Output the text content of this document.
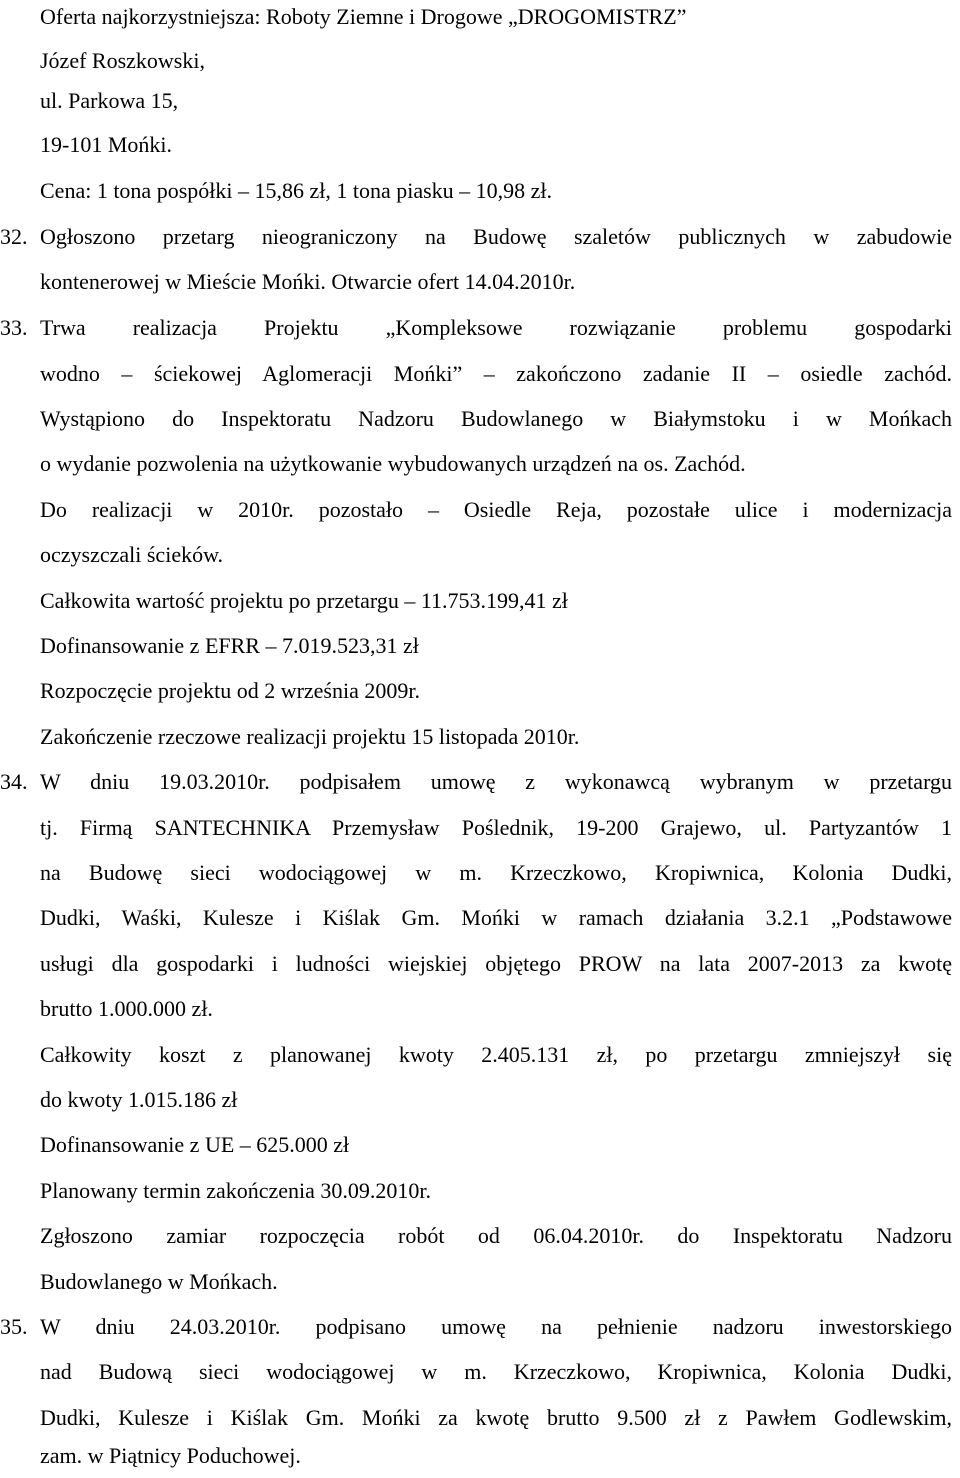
Oferta najkorzystniejsza: Roboty Ziemne i Drogowe „DROGOMISTRZ”
Józef Roszkowski,
ul. Parkowa 15,
19-101 Mońki.
Cena: 1 tona pospółki – 15,86 zł, 1 tona piasku – 10,98 zł.
32. Ogłoszono przetarg nieograniczony na Budowę szaletów publicznych w zabudowie
kontenerowej w Mieście Mońki. Otwarcie ofert 14.04.2010r.
33. Trwa realizacja Projektu „Kompleksowe rozwiązanie problemu gospodarki
wodno – ściekowej Aglomeracji Mońki” – zakończono zadanie II – osiedle zachód.
Wystąpiono do Inspektoratu Nadzoru Budowlanego w Białymstoku i w Mońkach
o wydanie pozwolenia na użytkowanie wybudowanych urządzeń na os. Zachód.
Do realizacji w 2010r. pozostało – Osiedle Reja, pozostałe ulice i modernizacja
oczyszczali ścieków.
Całkowita wartość projektu po przetargu – 11.753.199,41 zł
Dofinansowanie z EFRR – 7.019.523,31 zł
Rozpoczęcie projektu od 2 września 2009r.
Zakończenie rzeczowe realizacji projektu 15 listopada 2010r.
34. W dniu 19.03.2010r. podpisałem umowę z wykonawcą wybranym w przetargu
tj. Firmą SANTECHNIKA Przemysław Poślednik, 19-200 Grajewo, ul. Partyzantów 1
na Budowę sieci wodociągowej w m. Krzeczkowo, Kropiwnica, Kolonia Dudki,
Dudki, Waśki, Kulesze i Kiślak Gm. Mońki w ramach działania 3.2.1 „Podstawowe
usługi dla gospodarki i ludności wiejskiej objętego PROW na lata 2007-2013 za kwotę
brutto 1.000.000 zł.
Całkowity koszt z planowanej kwoty 2.405.131 zł, po przetargu zmniejszył się
do kwoty 1.015.186 zł
Dofinansowanie z UE – 625.000 zł
Planowany termin zakończenia 30.09.2010r.
Zgłoszono zamiar rozpoczęcia robót od 06.04.2010r. do Inspektoratu Nadzoru
Budowlanego w Mońkach.
35. W dniu 24.03.2010r. podpisano umowę na pełnienie nadzoru inwestorskiego
nad Budową sieci wodociągowej w m. Krzeczkowo, Kropiwnica, Kolonia Dudki,
Dudki, Kulesze i Kiślak Gm. Mońki za kwotę brutto 9.500 zł z Pawłem Godlewskim,
zam. w Piątnicy Poduchowej.
